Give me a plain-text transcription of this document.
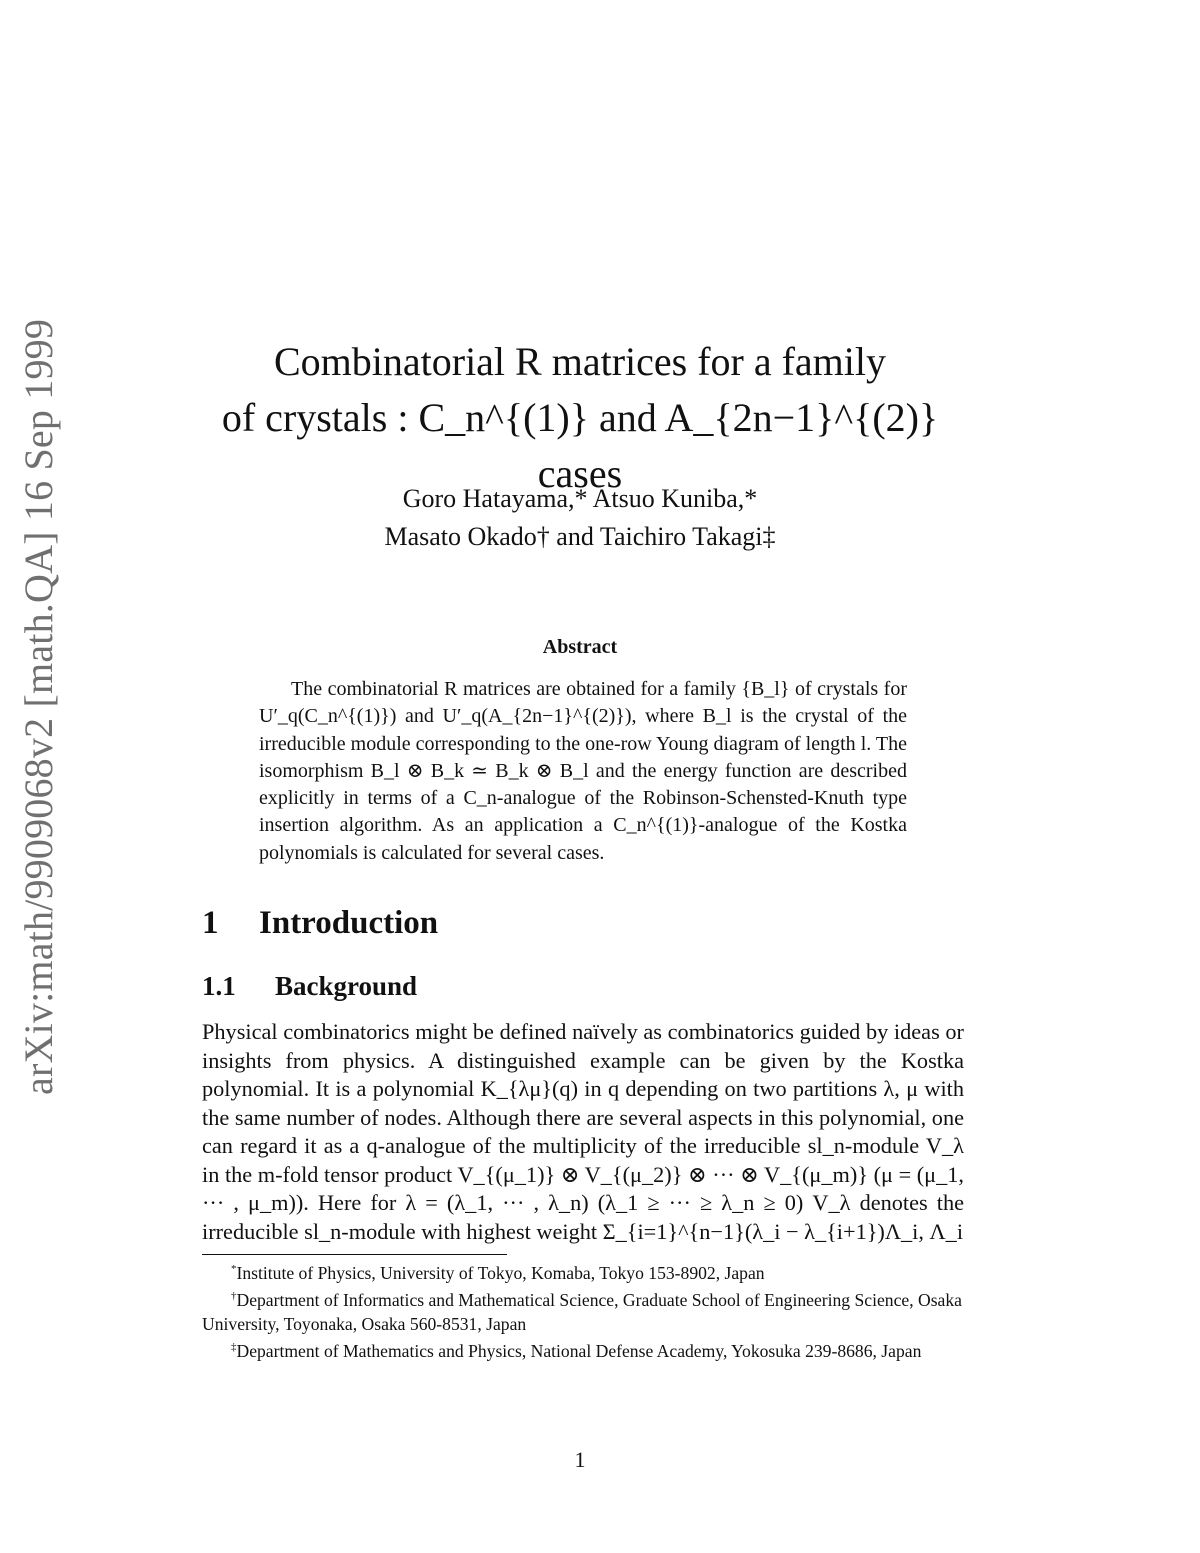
arXiv:math/9909068v2 [math.QA] 16 Sep 1999	Combinatorial R matrices for a family
of crystals : C_n^{(1)} and A_{2n−1}^{(2)} cases
Goro Hatayama,* Atsuo Kuniba,*
Masato Okado† and Taichiro Takagi‡
Abstract

The combinatorial R matrices are obtained for a family {B_l} of crystals for U′_q(C_n^{(1)}) and U′_q(A_{2n−1}^{(2)}), where B_l is the crystal of the irreducible module corresponding to the one-row Young diagram of length l. The isomorphism B_l ⊗ B_k ≃ B_k ⊗ B_l and the energy function are described explicitly in terms of a C_n-analogue of the Robinson-Schensted-Knuth type insertion algorithm. As an application a C_n^{(1)}-analogue of the Kostka polynomials is calculated for several cases.

1 Introduction
1.1 Background

Physical combinatorics might be defined naïvely as combinatorics guided by ideas or insights from physics. A distinguished example can be given by the Kostka polynomial. It is a polynomial K_{λμ}(q) in q depending on two partitions λ, μ with the same number of nodes. Although there are several aspects in this polynomial, one can regard it as a q-analogue of the multiplicity of the irreducible sl_n-module V_λ in the m-fold tensor product V_{(μ_1)} ⊗ V_{(μ_2)} ⊗ ··· ⊗ V_{(μ_m)} (μ = (μ_1, ··· , μ_m)). Here for λ = (λ_1, ··· , λ_n) (λ_1 ≥ ··· ≥ λ_n ≥ 0) V_λ denotes the irreducible sl_n-module with highest weight Σ_{i=1}^{n−1}(λ_i − λ_{i+1})Λ_i, Λ_i

*Institute of Physics, University of Tokyo, Komaba, Tokyo 153-8902, Japan

†Department of Informatics and Mathematical Science, Graduate School of Engineering Science, Osaka University, Toyonaka, Osaka 560-8531, Japan

‡Department of Mathematics and Physics, National Defense Academy, Yokosuka 239-8686, Japan

1
